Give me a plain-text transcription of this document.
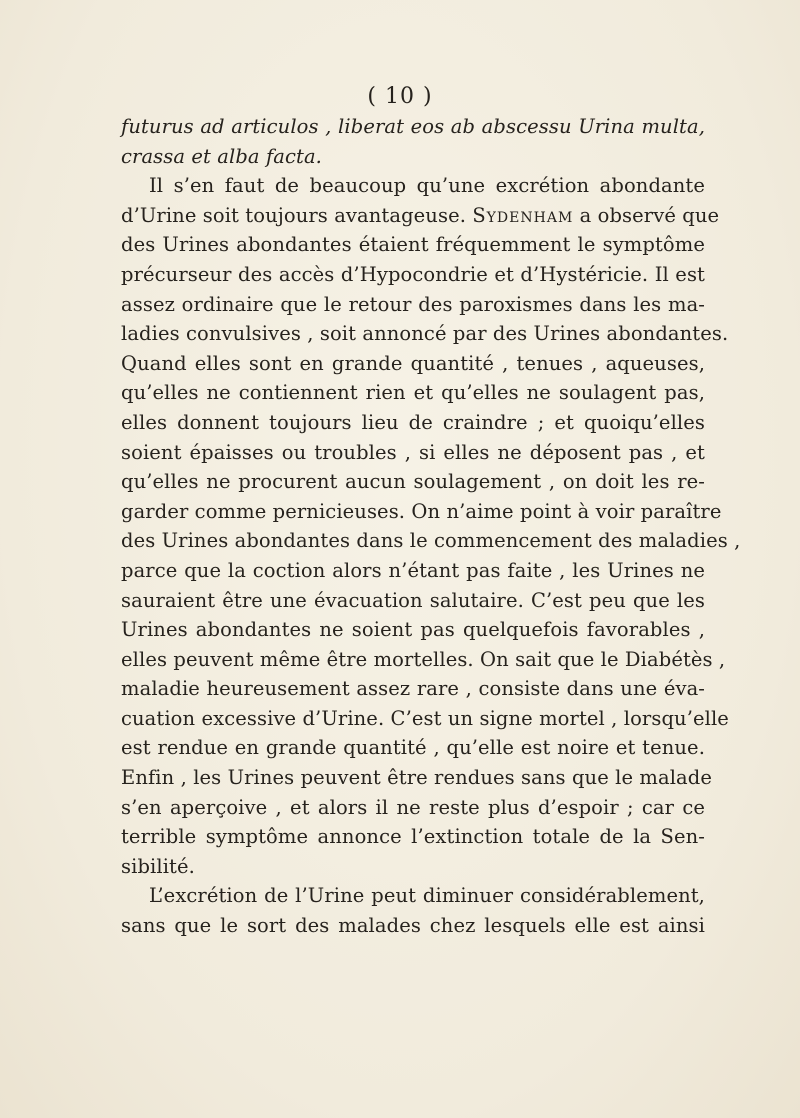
( 10 )
futurus ad articulos , liberat eos ab abscessu Urina multa,
crassa et alba facta.
Il s’en faut de beaucoup qu’une excrétion abondante
d’Urine soit toujours avantageuse. Sydenham a observé que
des Urines abondantes étaient fréquemment le symptôme
précurseur des accès d’Hypocondrie et d’Hystéricie. Il est
assez ordinaire que le retour des paroxismes dans les ma-
ladies convulsives , soit annoncé par des Urines abondantes.
Quand elles sont en grande quantité , tenues , aqueuses,
qu’elles ne contiennent rien et qu’elles ne soulagent pas,
elles donnent toujours lieu de craindre ; et quoiqu’elles
soient épaisses ou troubles , si elles ne déposent pas , et
qu’elles ne procurent aucun soulagement , on doit les re-
garder comme pernicieuses. On n’aime point à voir paraître
des Urines abondantes dans le commencement des maladies ,
parce que la coction alors n’étant pas faite , les Urines ne
sauraient être une évacuation salutaire. C’est peu que les
Urines abondantes ne soient pas quelquefois favorables ,
elles peuvent même être mortelles. On sait que le Diabétès ,
maladie heureusement assez rare , consiste dans une éva-
cuation excessive d’Urine. C’est un signe mortel , lorsqu’elle
est rendue en grande quantité , qu’elle est noire et tenue.
Enfin , les Urines peuvent être rendues sans que le malade
s’en aperçoive , et alors il ne reste plus d’espoir ; car ce
terrible symptôme annonce l’extinction totale de la Sen-
sibilité.
L’excrétion de l’Urine peut diminuer considérablement,
sans que le sort des malades chez lesquels elle est ainsi
